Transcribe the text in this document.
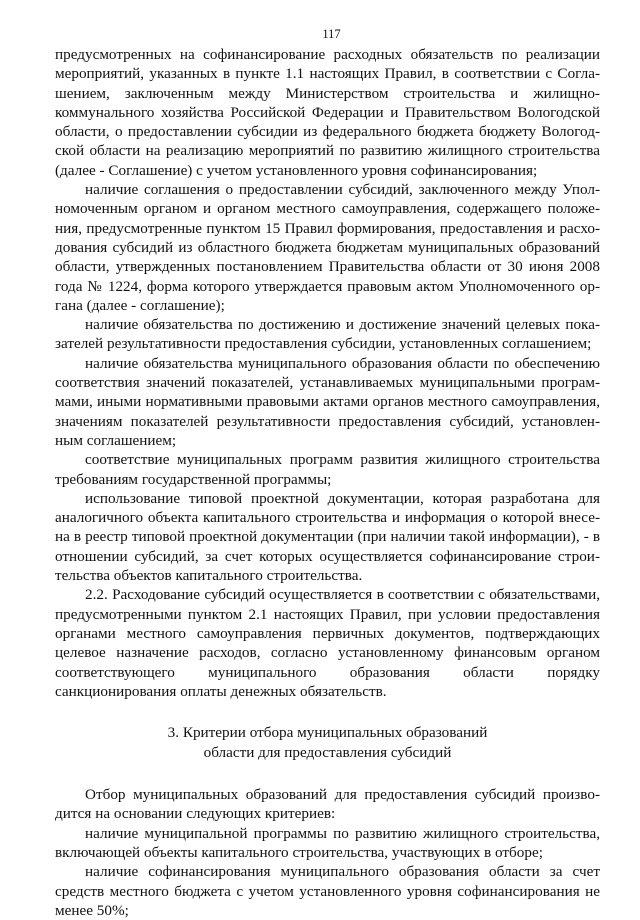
117

предусмотренных на софинансирование расходных обязательств по реализации мероприятий, указанных в пункте 1.1 настоящих Правил, в соответствии с Соглашением, заключенным между Министерством строительства и жилищно-коммунального хозяйства Российской Федерации и Правительством Вологодской области, о предоставлении субсидии из федерального бюджета бюджету Вологодской области на реализацию мероприятий по развитию жилищного строительства (далее - Соглашение) с учетом установленного уровня софинансирования;

наличие соглашения о предоставлении субсидий, заключенного между Уполномоченным органом и органом местного самоуправления, содержащего положения, предусмотренные пунктом 15 Правил формирования, предоставления и расходования субсидий из областного бюджета бюджетам муниципальных образований области, утвержденных постановлением Правительства области от 30 июня 2008 года № 1224, форма которого утверждается правовым актом Уполномоченного органа (далее - соглашение);

наличие обязательства по достижению и достижение значений целевых показателей результативности предоставления субсидии, установленных соглашением;

наличие обязательства муниципального образования области по обеспечению соответствия значений показателей, устанавливаемых муниципальными программами, иными нормативными правовыми актами органов местного самоуправления, значениям показателей результативности предоставления субсидий, установленным соглашением;

соответствие муниципальных программ развития жилищного строительства требованиям государственной программы;

использование типовой проектной документации, которая разработана для аналогичного объекта капитального строительства и информация о которой внесена в реестр типовой проектной документации (при наличии такой информации), - в отношении субсидий, за счет которых осуществляется софинансирование строительства объектов капитального строительства.

2.2. Расходование субсидий осуществляется в соответствии с обязательствами, предусмотренными пунктом 2.1 настоящих Правил, при условии предоставления органами местного самоуправления первичных документов, подтверждающих целевое назначение расходов, согласно установленному финансовым органом соответствующего муниципального образования области порядку санкционирования оплаты денежных обязательств.

3. Критерии отбора муниципальных образований
области для предоставления субсидий

Отбор муниципальных образований для предоставления субсидий производится на основании следующих критериев:

наличие муниципальной программы по развитию жилищного строительства, включающей объекты капитального строительства, участвующих в отборе;

наличие софинансирования муниципального образования области за счет средств местного бюджета с учетом установленного уровня софинансирования не менее 50%;
